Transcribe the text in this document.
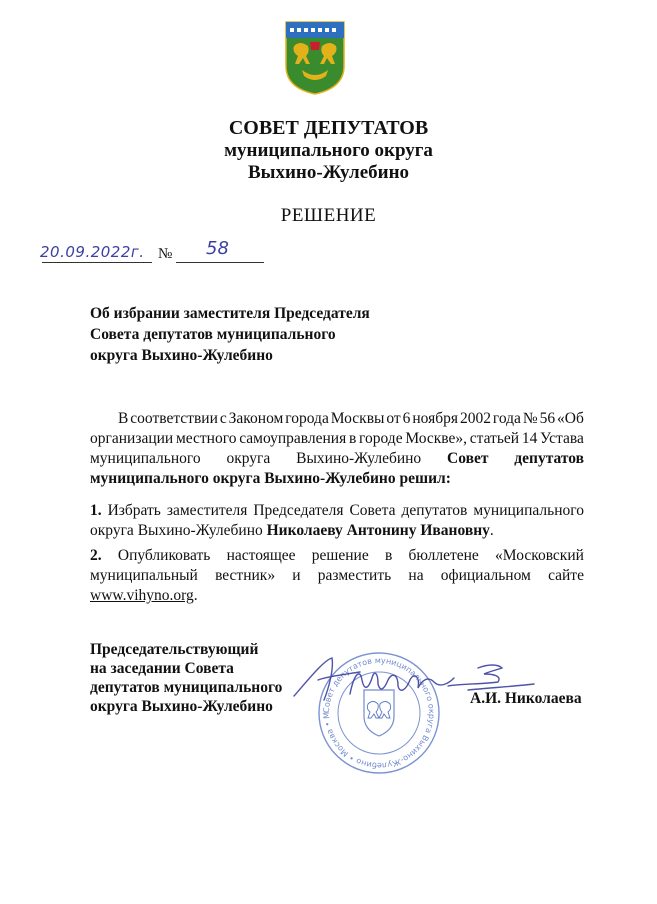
СОВЕТ ДЕПУТАТОВ
муниципального округа
Выхино-Жулебино
РЕШЕНИЕ
20.09.2022г. № 58
Об избрании заместителя Председателя
Совета депутатов муниципального
округа Выхино-Жулебино
В соответствии с Законом города Москвы от 6 ноября 2002 года № 56 «Об
организации местного самоуправления в городе Москве», статьей 14 Устава
муниципального округа Выхино-Жулебино Совет депутатов
муниципального округа Выхино-Жулебино решил:
1. Избрать заместителя Председателя Совета депутатов муниципального
округа Выхино-Жулебино Николаеву Антонину Ивановну .
2. Опубликовать настоящее решение в бюллетене «Московский
муниципальный вестник» и разместить на официальном сайте
www.vihyno.org .
Председательствующий
на заседании Совета
депутатов муниципального
округа Выхино-Жулебино	Совет депутатов муниципального округа Выхино-Жулебино • Москва • М
А.И. Николаева
